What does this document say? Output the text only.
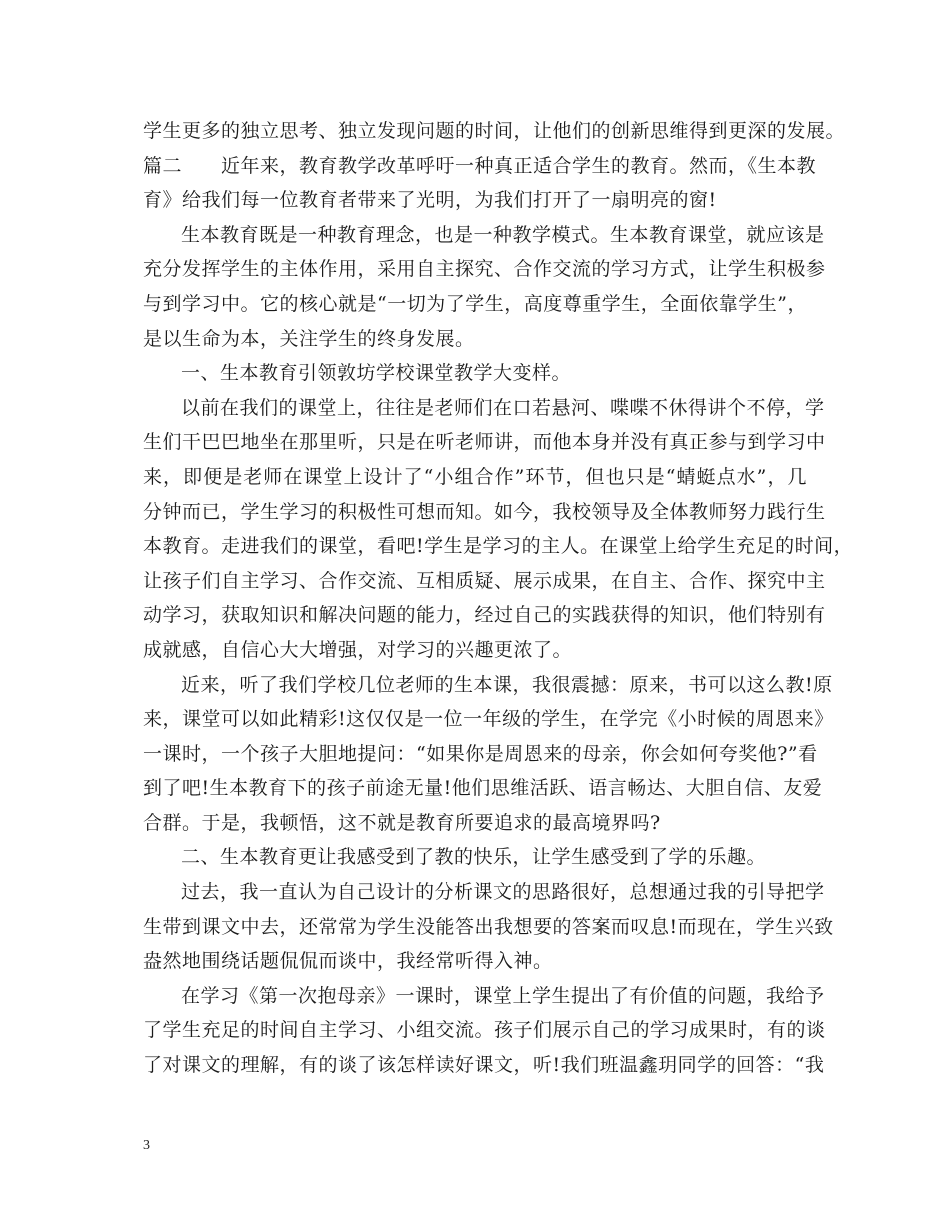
学生更多的独立思考、独立发现问题的时间，让他们的创新思维得到更深的发展。
篇二　　近年来，教育教学改革呼吁一种真正适合学生的教育。然而，《生本教
育》给我们每一位教育者带来了光明，为我们打开了一扇明亮的窗!
生本教育既是一种教育理念，也是一种教学模式。生本教育课堂，就应该是
充分发挥学生的主体作用，采用自主探究、合作交流的学习方式，让学生积极参
与到学习中。它的核心就是“一切为了学生，高度尊重学生，全面依靠学生”，
是以生命为本，关注学生的终身发展。
一、生本教育引领敦坊学校课堂教学大变样。
以前在我们的课堂上，往往是老师们在口若悬河、喋喋不休得讲个不停，学
生们干巴巴地坐在那里听，只是在听老师讲，而他本身并没有真正参与到学习中
来，即便是老师在课堂上设计了“小组合作”环节，但也只是“蜻蜓点水”，几
分钟而已，学生学习的积极性可想而知。如今，我校领导及全体教师努力践行生
本教育。走进我们的课堂，看吧!学生是学习的主人。在课堂上给学生充足的时间，
让孩子们自主学习、合作交流、互相质疑、展示成果，在自主、合作、探究中主
动学习，获取知识和解决问题的能力，经过自己的实践获得的知识，他们特别有
成就感，自信心大大增强，对学习的兴趣更浓了。
近来，听了我们学校几位老师的生本课，我很震撼：原来，书可以这么教!原
来，课堂可以如此精彩!这仅仅是一位一年级的学生，在学完《小时候的周恩来》
一课时，一个孩子大胆地提问：“如果你是周恩来的母亲，你会如何夸奖他?”看
到了吧!生本教育下的孩子前途无量!他们思维活跃、语言畅达、大胆自信、友爱
合群。于是，我顿悟，这不就是教育所要追求的最高境界吗?
二、生本教育更让我感受到了教的快乐，让学生感受到了学的乐趣。
过去，我一直认为自己设计的分析课文的思路很好，总想通过我的引导把学
生带到课文中去，还常常为学生没能答出我想要的答案而叹息!而现在，学生兴致
盎然地围绕话题侃侃而谈中，我经常听得入神。
在学习《第一次抱母亲》一课时，课堂上学生提出了有价值的问题，我给予
了学生充足的时间自主学习、小组交流。孩子们展示自己的学习成果时，有的谈
了对课文的理解，有的谈了该怎样读好课文，听!我们班温鑫玥同学的回答：“我
3
